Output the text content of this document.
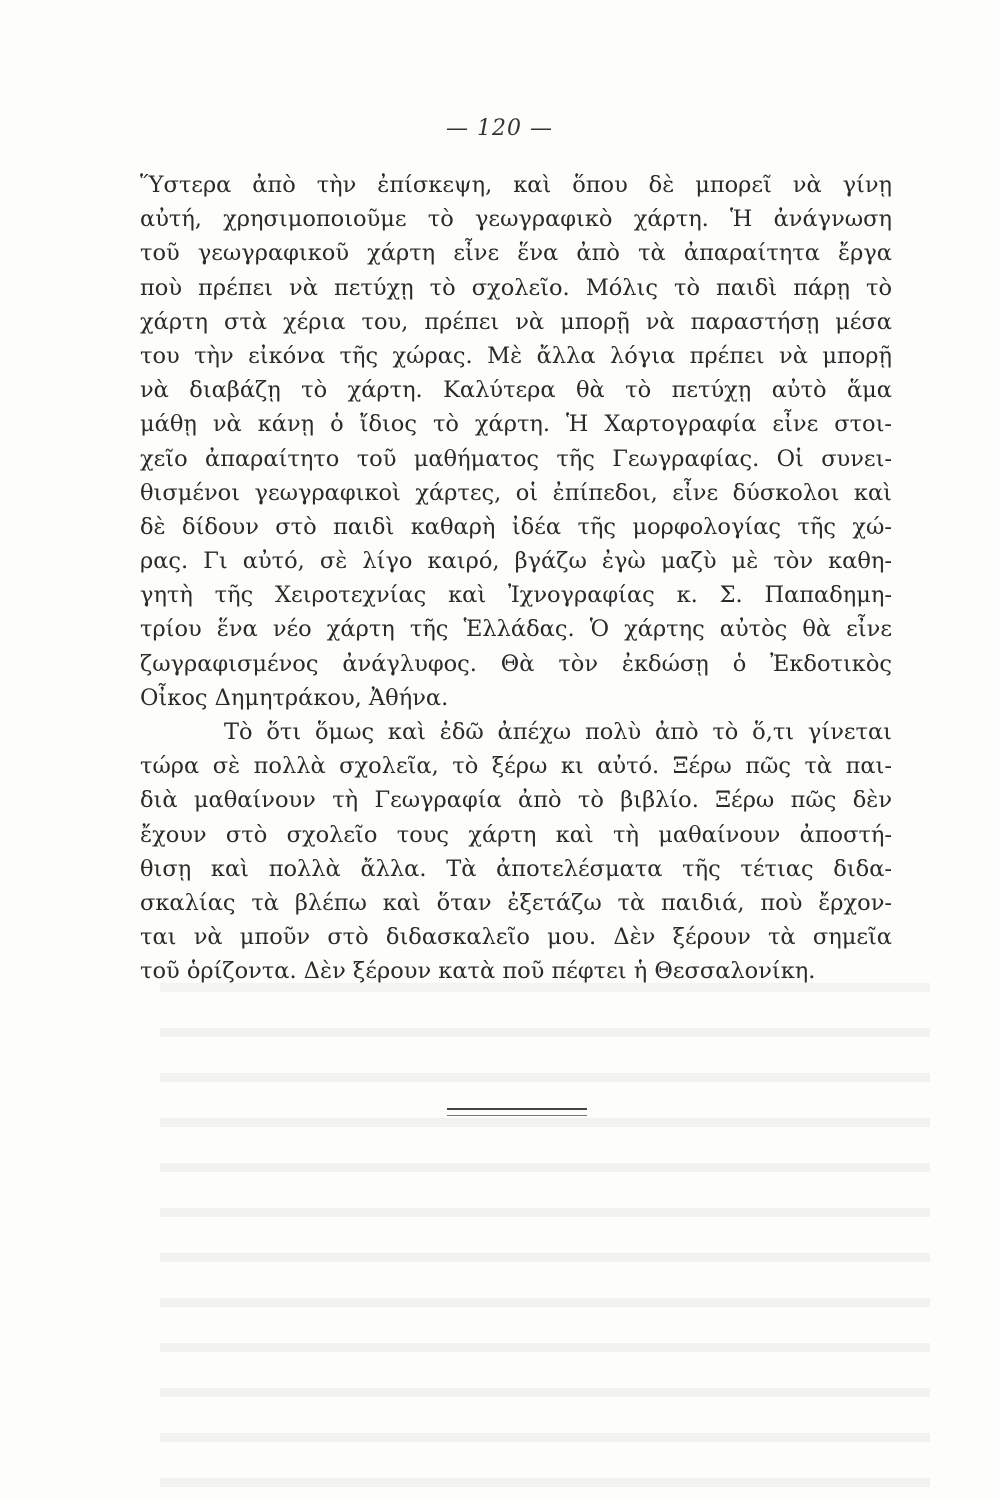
— 120 —
Ὕστερα ἀπὸ τὴν ἐπίσκεψη, καὶ ὅπου δὲ μπορεῖ νὰ γίνῃ
αὐτή, χρησιμοποιοῦμε τὸ γεωγραφικὸ χάρτη. Ἡ ἀνάγνωση
τοῦ γεωγραφικοῦ χάρτη εἶνε ἕνα ἀπὸ τὰ ἀπαραίτητα ἔργα
ποὺ πρέπει νὰ πετύχῃ τὸ σχολεῖο. Μόλις τὸ παιδὶ πάρῃ τὸ
χάρτη στὰ χέρια του, πρέπει νὰ μπορῇ νὰ παραστήσῃ μέσα
του τὴν εἰκόνα τῆς χώρας. Μὲ ἄλλα λόγια πρέπει νὰ μπορῇ
νὰ διαβάζῃ τὸ χάρτη. Καλύτερα θὰ τὸ πετύχῃ αὐτὸ ἅμα
μάθῃ νὰ κάνῃ ὁ ἴδιος τὸ χάρτη. Ἡ Χαρτογραφία εἶνε στοι-
χεῖο ἀπαραίτητο τοῦ μαθήματος τῆς Γεωγραφίας. Οἱ συνει-
θισμένοι γεωγραφικοὶ χάρτες, οἱ ἐπίπεδοι, εἶνε δύσκολοι καὶ
δὲ δίδουν στὸ παιδὶ καθαρὴ ἰδέα τῆς μορφολογίας τῆς χώ-
ρας. Γι αὐτό, σὲ λίγο καιρό, βγάζω ἐγὼ μαζὺ μὲ τὸν καθη-
γητὴ τῆς Χειροτεχνίας καὶ Ἰχνογραφίας κ. Σ. Παπαδημη-
τρίου ἕνα νέο χάρτη τῆς Ἑλλάδας. Ὁ χάρτης αὐτὸς θὰ εἶνε
ζωγραφισμένος ἀνάγλυφος. Θὰ τὸν ἐκδώσῃ ὁ Ἐκδοτικὸς
Οἶκος Δημητράκου, Ἀθήνα.
Τὸ ὅτι ὅμως καὶ ἐδῶ ἀπέχω πολὺ ἀπὸ τὸ ὅ,τι γίνεται
τώρα σὲ πολλὰ σχολεῖα, τὸ ξέρω κι αὐτό. Ξέρω πῶς τὰ παι-
διὰ μαθαίνουν τὴ Γεωγραφία ἀπὸ τὸ βιβλίο. Ξέρω πῶς δὲν
ἔχουν στὸ σχολεῖο τους χάρτη καὶ τὴ μαθαίνουν ἀποστή-
θισῃ καὶ πολλὰ ἄλλα. Τὰ ἀποτελέσματα τῆς τέτιας διδα-
σκαλίας τὰ βλέπω καὶ ὅταν ἐξετάζω τὰ παιδιά, ποὺ ἔρχον-
ται νὰ μποῦν στὸ διδασκαλεῖο μου. Δὲν ξέρουν τὰ σημεῖα
τοῦ ὁρίζοντα. Δὲν ξέρουν κατὰ ποῦ πέφτει ἡ Θεσσαλονίκη.
